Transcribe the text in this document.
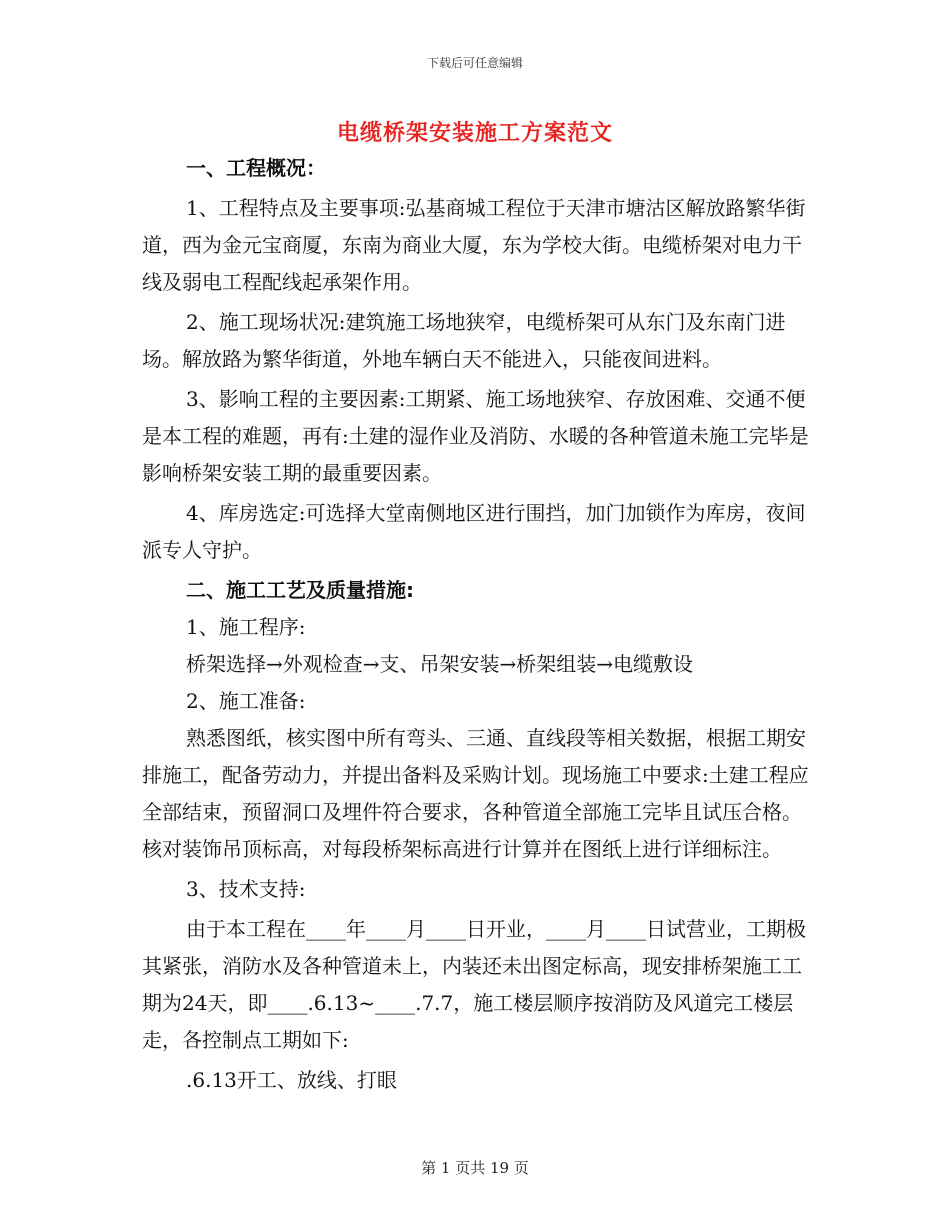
下载后可任意编辑
电缆桥架安装施工方案范文

一、工程概况：

1、工程特点及主要事项:弘基商城工程位于天津市塘沽区解放路繁华街道，西为金元宝商厦，东南为商业大厦，东为学校大街。电缆桥架对电力干线及弱电工程配线起承架作用。

2、施工现场状况:建筑施工场地狭窄，电缆桥架可从东门及东南门进场。解放路为繁华街道，外地车辆白天不能进入，只能夜间进料。

3、影响工程的主要因素:工期紧、施工场地狭窄、存放困难、交通不便是本工程的难题，再有:土建的湿作业及消防、水暖的各种管道未施工完毕是影响桥架安装工期的最重要因素。

4、库房选定:可选择大堂南侧地区进行围挡，加门加锁作为库房，夜间派专人守护。

二、施工工艺及质量措施:

1、施工程序:

桥架选择→外观检查→支、吊架安装→桥架组装→电缆敷设

2、施工准备:

熟悉图纸，核实图中所有弯头、三通、直线段等相关数据，根据工期安排施工，配备劳动力，并提出备料及采购计划。现场施工中要求:土建工程应全部结束，预留洞口及埋件符合要求，各种管道全部施工完毕且试压合格。核对装饰吊顶标高，对每段桥架标高进行计算并在图纸上进行详细标注。

3、技术支持:

由于本工程在____年____月____日开业，____月____日试营业，工期极其紧张，消防水及各种管道未上，内装还未出图定标高，现安排桥架施工工期为24天，即____.6.13~____.7.7，施工楼层顺序按消防及风道完工楼层走，各控制点工期如下:

.6.13开工、放线、打眼

第 1 页共 19 页
